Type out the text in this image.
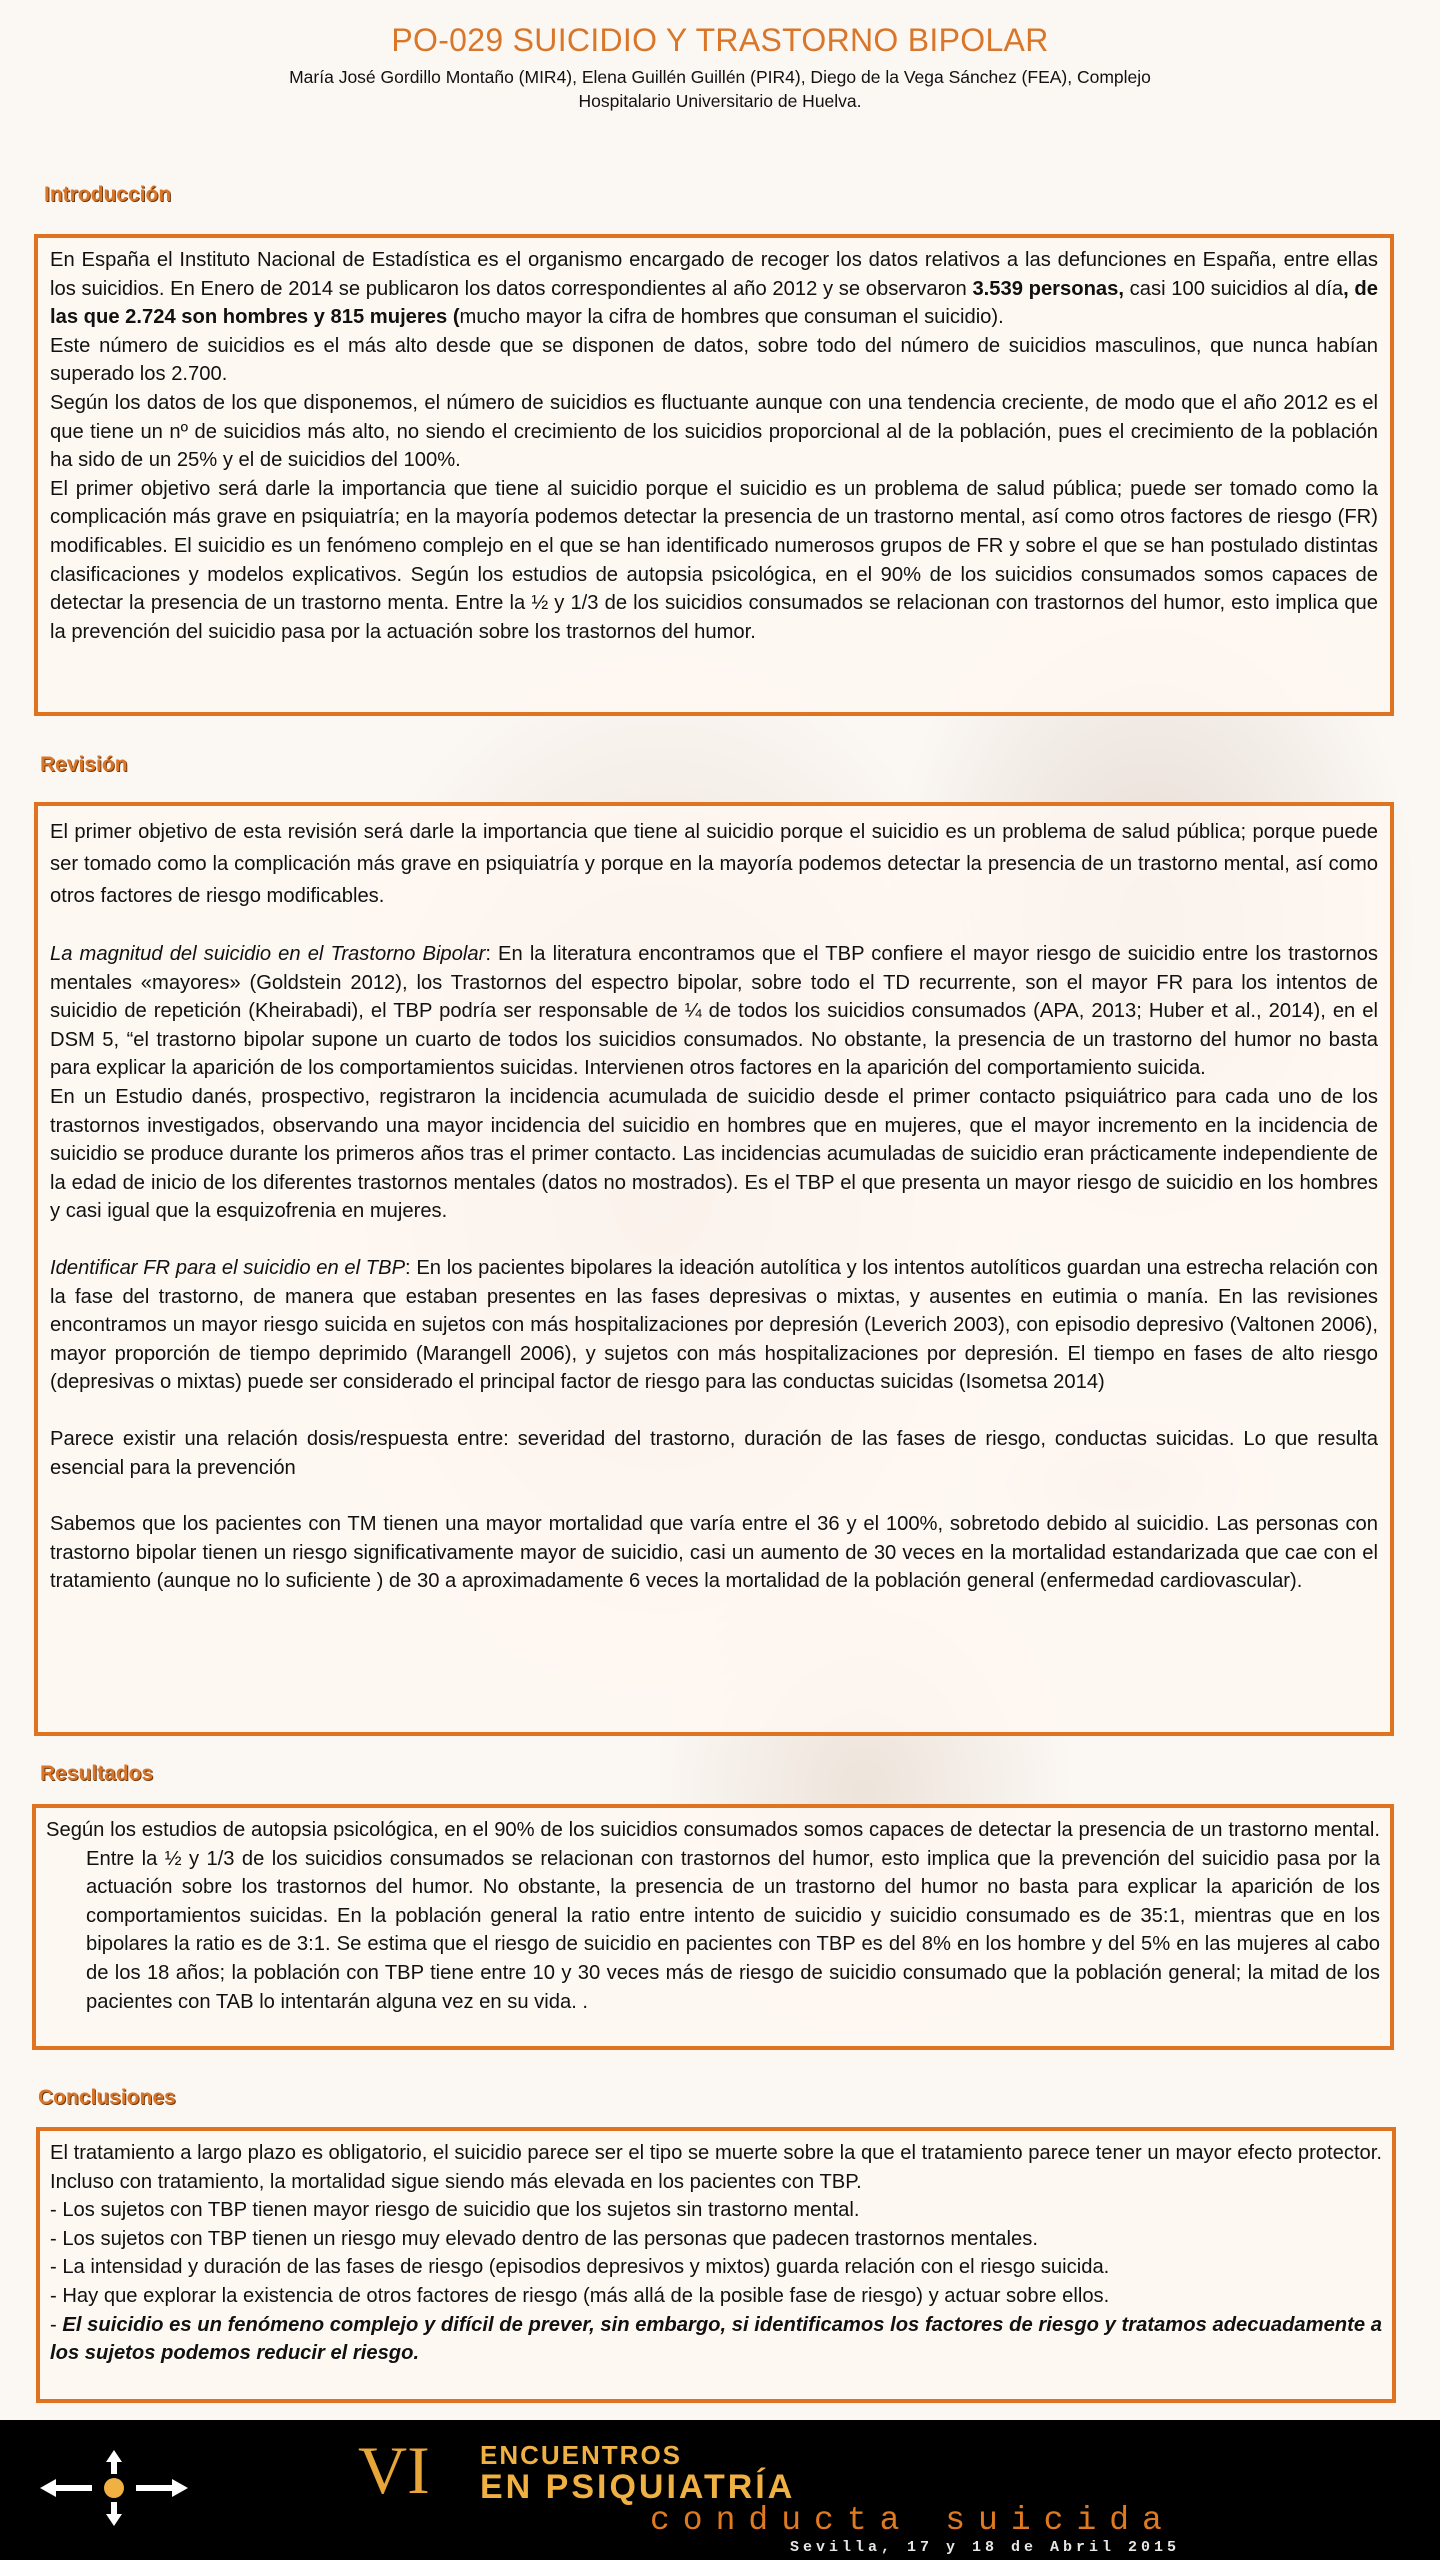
PO-029 SUICIDIO Y TRASTORNO BIPOLAR
María José Gordillo Montaño (MIR4), Elena Guillén Guillén (PIR4), Diego de la Vega Sánchez (FEA), Complejo
Hospitalario Universitario de Huelva.
Introducción

En España el Instituto Nacional de Estadística es el organismo encargado de recoger los datos relativos a las defunciones en España, entre ellas los suicidios. En Enero de 2014 se publicaron los datos correspondientes al año 2012 y se observaron 3.539 personas, casi 100 suicidios al día, de las que 2.724 son hombres y 815 mujeres (mucho mayor la cifra de hombres que consuman el suicidio).

Este número de suicidios es el más alto desde que se disponen de datos, sobre todo del número de suicidios masculinos, que nunca habían superado los 2.700.

Según los datos de los que disponemos, el número de suicidios es fluctuante aunque con una tendencia creciente, de modo que el año 2012 es el que tiene un nº de suicidios más alto, no siendo el crecimiento de los suicidios proporcional al de la población, pues el crecimiento de la población ha sido de un 25% y el de suicidios del 100%.

El primer objetivo será darle la importancia que tiene al suicidio porque el suicidio es un problema de salud pública; puede ser tomado como la complicación más grave en psiquiatría; en la mayoría podemos detectar la presencia de un trastorno mental, así como otros factores de riesgo (FR) modificables. El suicidio es un fenómeno complejo en el que se han identificado numerosos grupos de FR y sobre el que se han postulado distintas clasificaciones y modelos explicativos. Según los estudios de autopsia psicológica, en el 90% de los suicidios consumados somos capaces de detectar la presencia de un trastorno menta. Entre la ½ y 1/3 de los suicidios consumados se relacionan con trastornos del humor, esto implica que la prevención del suicidio pasa por la actuación sobre los trastornos del humor.

Revisión

El primer objetivo de esta revisión será darle la importancia que tiene al suicidio porque el suicidio es un problema de salud pública; porque puede ser tomado como la complicación más grave en psiquiatría y porque en la mayoría podemos detectar la presencia de un trastorno mental, así como otros factores de riesgo modificables.

La magnitud del suicidio en el Trastorno Bipolar: En la literatura encontramos que el TBP confiere el mayor riesgo de suicidio entre los trastornos mentales «mayores» (Goldstein 2012), los Trastornos del espectro bipolar, sobre todo el TD recurrente, son el mayor FR para los intentos de suicidio de repetición (Kheirabadi), el TBP podría ser responsable de ¼ de todos los suicidios consumados (APA, 2013; Huber et al., 2014), en el DSM 5, “el trastorno bipolar supone un cuarto de todos los suicidios consumados. No obstante, la presencia de un trastorno del humor no basta para explicar la aparición de los comportamientos suicidas. Intervienen otros factores en la aparición del comportamiento suicida.

En un Estudio danés, prospectivo, registraron la incidencia acumulada de suicidio desde el primer contacto psiquiátrico para cada uno de los trastornos investigados, observando una mayor incidencia del suicidio en hombres que en mujeres, que el mayor incremento en la incidencia de suicidio se produce durante los primeros años tras el primer contacto. Las incidencias acumuladas de suicidio eran prácticamente independiente de la edad de inicio de los diferentes trastornos mentales (datos no mostrados). Es el TBP el que presenta un mayor riesgo de suicidio en los hombres y casi igual que la esquizofrenia en mujeres.

Identificar FR para el suicidio en el TBP: En los pacientes bipolares la ideación autolítica y los intentos autolíticos guardan una estrecha relación con la fase del trastorno, de manera que estaban presentes en las fases depresivas o mixtas, y ausentes en eutimia o manía. En las revisiones encontramos un mayor riesgo suicida en sujetos con más hospitalizaciones por depresión (Leverich 2003), con episodio depresivo (Valtonen 2006), mayor proporción de tiempo deprimido (Marangell 2006), y sujetos con más hospitalizaciones por depresión. El tiempo en fases de alto riesgo (depresivas o mixtas) puede ser considerado el principal factor de riesgo para las conductas suicidas (Isometsa 2014)

Parece existir una relación dosis/respuesta entre: severidad del trastorno, duración de las fases de riesgo, conductas suicidas. Lo que resulta esencial para la prevención

Sabemos que los pacientes con TM tienen una mayor mortalidad que varía entre el 36 y el 100%, sobretodo debido al suicidio. Las personas con trastorno bipolar tienen un riesgo significativamente mayor de suicidio, casi un aumento de 30 veces en la mortalidad estandarizada que cae con el tratamiento (aunque no lo suficiente ) de 30 a aproximadamente 6 veces la mortalidad de la población general (enfermedad cardiovascular).

Resultados

Según los estudios de autopsia psicológica, en el 90% de los suicidios consumados somos capaces de detectar la presencia de un trastorno mental. Entre la ½ y 1/3 de los suicidios consumados se relacionan con trastornos del humor, esto implica que la prevención del suicidio pasa por la actuación sobre los trastornos del humor. No obstante, la presencia de un trastorno del humor no basta para explicar la aparición de los comportamientos suicidas. En la población general la ratio entre intento de suicidio y suicidio consumado es de 35:1, mientras que en los bipolares la ratio es de 3:1. Se estima que el riesgo de suicidio en pacientes con TBP es del 8% en los hombre y del 5% en las mujeres al cabo de los 18 años; la población con TBP tiene entre 10 y 30 veces más de riesgo de suicidio consumado que la población general; la mitad de los pacientes con TAB lo intentarán alguna vez en su vida. .

Conclusiones

El tratamiento a largo plazo es obligatorio, el suicidio parece ser el tipo se muerte sobre la que el tratamiento parece tener un mayor efecto protector. Incluso con tratamiento, la mortalidad sigue siendo más elevada en los pacientes con TBP.

- Los sujetos con TBP tienen mayor riesgo de suicidio que los sujetos sin trastorno mental.
- Los sujetos con TBP tienen un riesgo muy elevado dentro de las personas que padecen trastornos mentales.
- La intensidad y duración de las fases de riesgo (episodios depresivos y mixtos) guarda relación con el riesgo suicida.
- Hay que explorar la existencia de otros factores de riesgo (más allá de la posible fase de riesgo) y actuar sobre ellos.

- El suicidio es un fenómeno complejo y difícil de prever, sin embargo, si identificamos los factores de riesgo y tratamos adecuadamente a los sujetos podemos reducir el riesgo.

VI ENCUENTROS
EN PSIQUIATRÍA
conducta suicida
Sevilla, 17 y 18 de Abril 2015
